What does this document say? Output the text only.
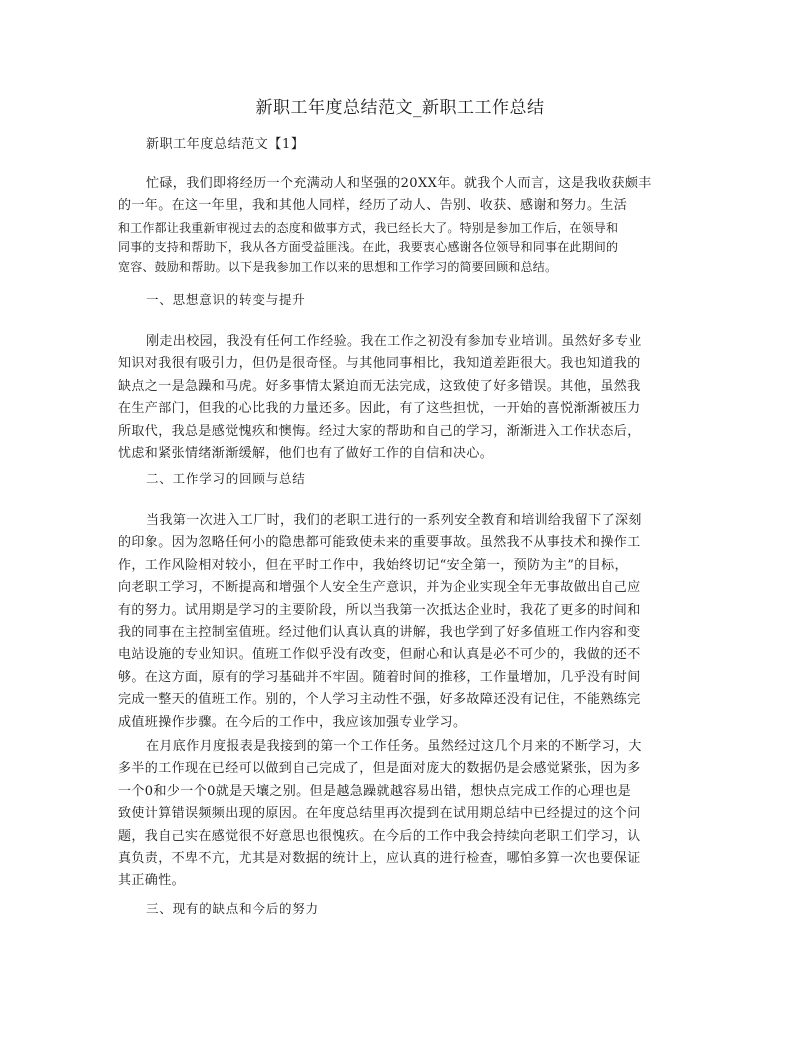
新职工年度总结范文_新职工工作总结
新职工年度总结范文【1】
忙碌，我们即将经历一个充满动人和坚强的20XX年。就我个人而言，这是我收获颇丰
的一年。在这一年里，我和其他人同样，经历了动人、告别、收获、感谢和努力。生活
和工作都让我重新审视过去的态度和做事方式，我已经长大了。特别是参加工作后，在领导和
同事的支持和帮助下，我从各方面受益匪浅。在此，我要衷心感谢各位领导和同事在此期间的
宽容、鼓励和帮助。以下是我参加工作以来的思想和工作学习的简要回顾和总结。
一、思想意识的转变与提升
刚走出校园，我没有任何工作经验。我在工作之初没有参加专业培训。虽然好多专业
知识对我很有吸引力，但仍是很奇怪。与其他同事相比，我知道差距很大。我也知道我的
缺点之一是急躁和马虎。好多事情太紧迫而无法完成，这致使了好多错误。其他，虽然我
在生产部门，但我的心比我的力量还多。因此，有了这些担忧，一开始的喜悦渐渐被压力
所取代，我总是感觉愧疚和懊悔。经过大家的帮助和自己的学习，渐渐进入工作状态后，
忧虑和紧张情绪渐渐缓解，他们也有了做好工作的自信和决心。
二、工作学习的回顾与总结
当我第一次进入工厂时，我们的老职工进行的一系列安全教育和培训给我留下了深刻
的印象。因为忽略任何小的隐患都可能致使未来的重要事故。虽然我不从事技术和操作工
作，工作风险相对较小，但在平时工作中，我始终切记“安全第一，预防为主”的目标，
向老职工学习，不断提高和增强个人安全生产意识，并为企业实现全年无事故做出自己应
有的努力。试用期是学习的主要阶段，所以当我第一次抵达企业时，我花了更多的时间和
我的同事在主控制室值班。经过他们认真认真的讲解，我也学到了好多值班工作内容和变
电站设施的专业知识。值班工作似乎没有改变，但耐心和认真是必不可少的，我做的还不
够。在这方面，原有的学习基础并不牢固。随着时间的推移，工作量增加，几乎没有时间
完成一整天的值班工作。别的，个人学习主动性不强，好多故障还没有记住，不能熟练完
成值班操作步骤。在今后的工作中，我应该加强专业学习。
在月底作月度报表是我接到的第一个工作任务。虽然经过这几个月来的不断学习，大
多半的工作现在已经可以做到自己完成了，但是面对庞大的数据仍是会感觉紧张，因为多
一个0和少一个0就是天壤之别。但是越急躁就越容易出错，想快点完成工作的心理也是
致使计算错误频频出现的原因。在年度总结里再次提到在试用期总结中已经提过的这个问
题，我自己实在感觉很不好意思也很愧疚。在今后的工作中我会持续向老职工们学习，认
真负责，不卑不亢，尤其是对数据的统计上，应认真的进行检查，哪怕多算一次也要保证
其正确性。
三、现有的缺点和今后的努力
